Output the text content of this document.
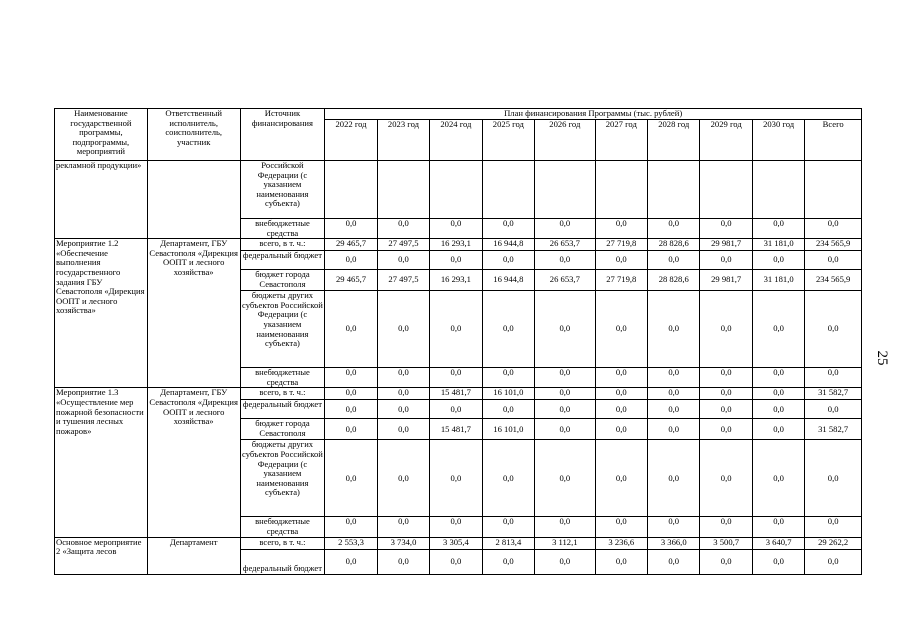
25
Наименование государственной программы, подпрограммы, мероприятий	Ответственный исполнитель, соисполнитель, участник	Источник финансирования	План финансирования Программы (тыс. рублей)									
			2022 год	2023 год	2024 год	2025 год	2026 год	2027 год	2028 год	2029 год	2030 год	Всего
рекламной продукции»		Российской Федерации (с указанием наименования субъекта)										
		внебюджетные средства	0,0	0,0	0,0	0,0	0,0	0,0	0,0	0,0	0,0	0,0
Мероприятие 1.2 «Обеспечение выполнения государственного задания ГБУ Севастополя «Дирекция ООПТ и лесного хозяйства»	Департамент, ГБУ Севастополя «Дирекция ООПТ и лесного хозяйства»	всего, в т. ч.:	29 465,7	27 497,5	16 293,1	16 944,8	26 653,7	27 719,8	28 828,6	29 981,7	31 181,0	234 565,9
		федеральный бюджет	0,0	0,0	0,0	0,0	0,0	0,0	0,0	0,0	0,0	0,0
		бюджет города Севастополя	29 465,7	27 497,5	16 293,1	16 944,8	26 653,7	27 719,8	28 828,6	29 981,7	31 181,0	234 565,9
		бюджеты других субъектов Российской Федерации (с указанием наименования субъекта)	0,0	0,0	0,0	0,0	0,0	0,0	0,0	0,0	0,0	0,0
		внебюджетные средства	0,0	0,0	0,0	0,0	0,0	0,0	0,0	0,0	0,0	0,0
Мероприятие 1.3 «Осуществление мер пожарной безопасности и тушения лесных пожаров»	Департамент, ГБУ Севастополя «Дирекция ООПТ и лесного хозяйства»	всего, в т. ч.:	0,0	0,0	15 481,7	16 101,0	0,0	0,0	0,0	0,0	0,0	31 582,7
		федеральный бюджет	0,0	0,0	0,0	0,0	0,0	0,0	0,0	0,0	0,0	0,0
		бюджет города Севастополя	0,0	0,0	15 481,7	16 101,0	0,0	0,0	0,0	0,0	0,0	31 582,7
		бюджеты других субъектов Российской Федерации (с указанием наименования субъекта)	0,0	0,0	0,0	0,0	0,0	0,0	0,0	0,0	0,0	0,0
		внебюджетные средства	0,0	0,0	0,0	0,0	0,0	0,0	0,0	0,0	0,0	0,0
Основное мероприятие 2 «Защита лесов	Департамент	всего, в т. ч.:	2 553,3	3 734,0	3 305,4	2 813,4	3 112,1	3 236,6	3 366,0	3 500,7	3 640,7	29 262,2
		федеральный бюджет	0,0	0,0	0,0	0,0	0,0	0,0	0,0	0,0	0,0	0,0
